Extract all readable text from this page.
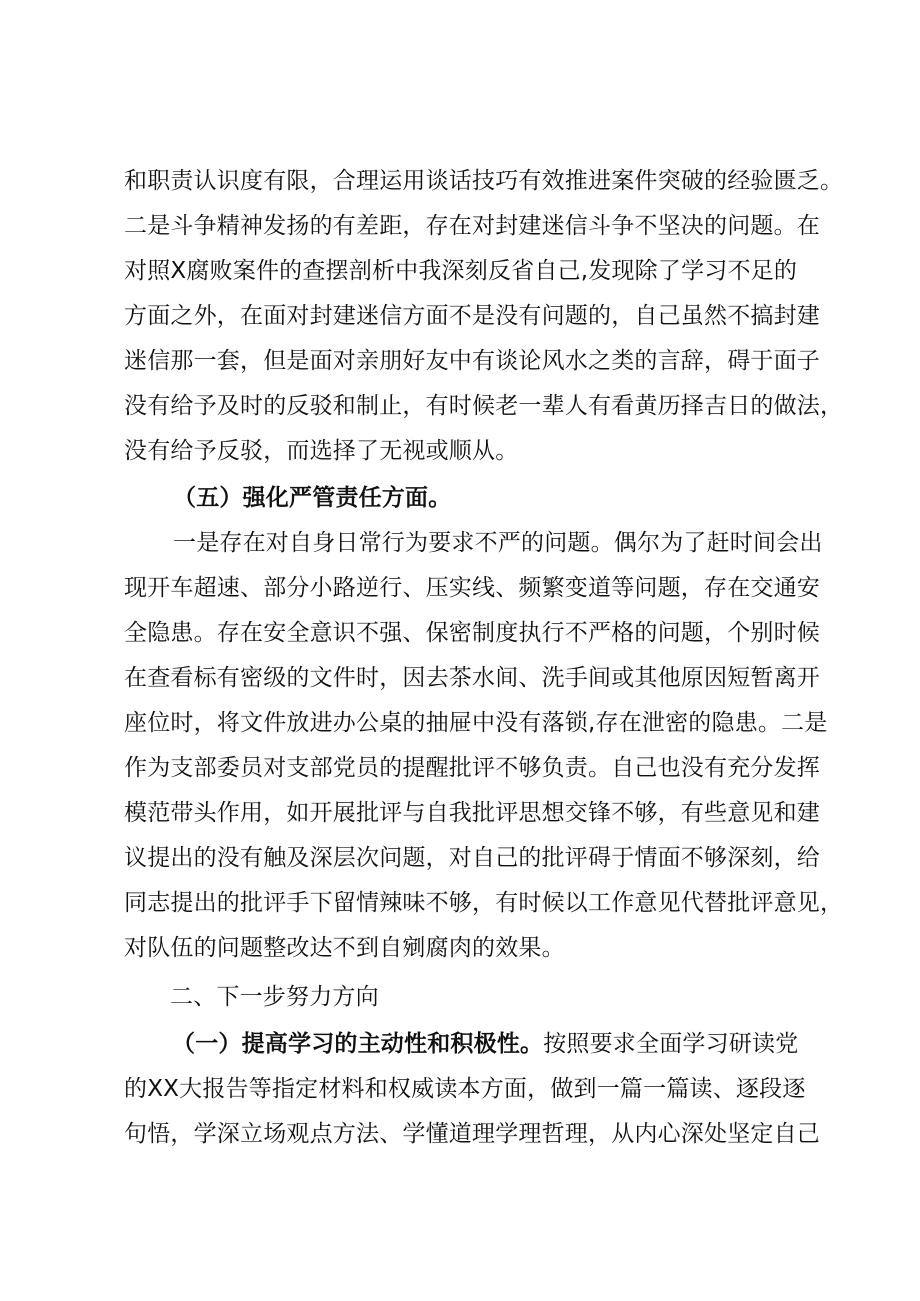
和职责认识度有限，合理运用谈话技巧有效推进案件突破的经验匮乏。
二是斗争精神发扬的有差距，存在对封建迷信斗争不坚决的问题。在
对照X腐败案件的查摆剖析中我深刻反省自己,发现除了学习不足的
方面之外，在面对封建迷信方面不是没有问题的，自己虽然不搞封建
迷信那一套，但是面对亲朋好友中有谈论风水之类的言辞，碍于面子
没有给予及时的反驳和制止，有时候老一辈人有看黄历择吉日的做法，
没有给予反驳，而选择了无视或顺从。
（五）强化严管责任方面。
一是存在对自身日常行为要求不严的问题。偶尔为了赶时间会出
现开车超速、部分小路逆行、压实线、频繁变道等问题，存在交通安
全隐患。存在安全意识不强、保密制度执行不严格的问题，个别时候
在查看标有密级的文件时，因去茶水间、洗手间或其他原因短暂离开
座位时，将文件放进办公桌的抽屉中没有落锁,存在泄密的隐患。二是
作为支部委员对支部党员的提醒批评不够负责。自己也没有充分发挥
模范带头作用，如开展批评与自我批评思想交锋不够，有些意见和建
议提出的没有触及深层次问题，对自己的批评碍于情面不够深刻，给
同志提出的批评手下留情辣味不够，有时候以工作意见代替批评意见，
对队伍的问题整改达不到自剜腐肉的效果。
二、下一步努力方向
（一）提高学习的主动性和积极性。按照要求全面学习研读党
的XX大报告等指定材料和权威读本方面，做到一篇一篇读、逐段逐
句悟，学深立场观点方法、学懂道理学理哲理，从内心深处坚定自己
